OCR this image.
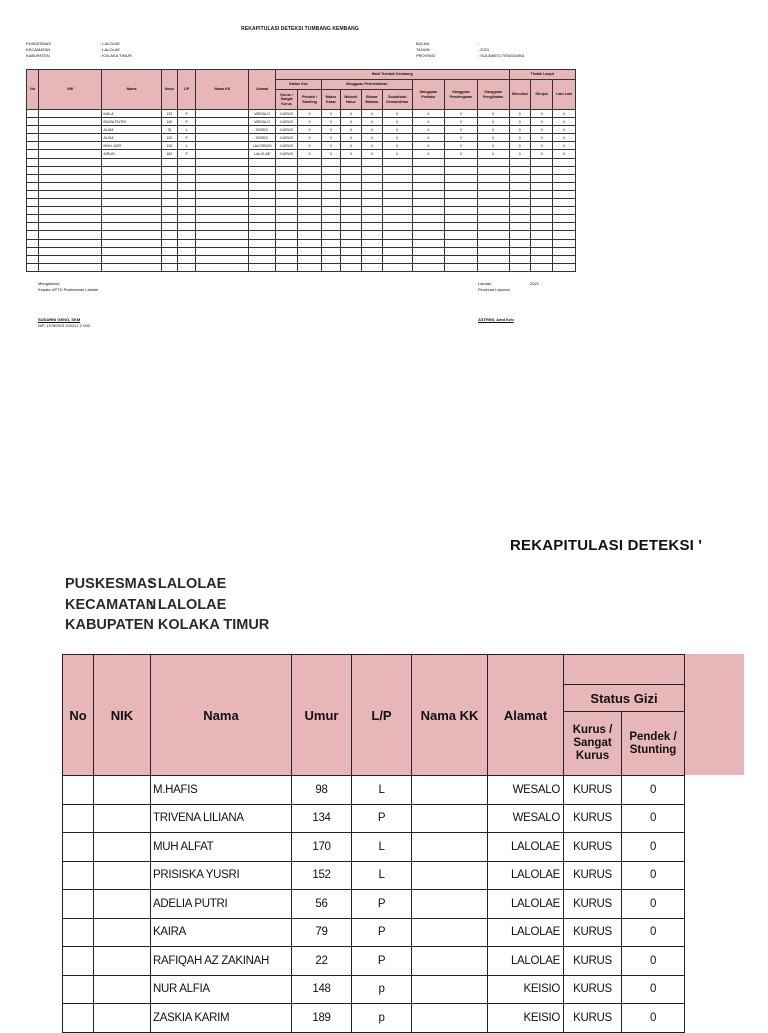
REKAPITULASI DETEKSI TUMBANG KEMBANG
PUSKESMAS	: LALOLAE
KECAMATAN	: LALOLAE
KABUPATEN	: KOLAKA TIMUR
BULAN	:
TAHUN	: 2021
PROVINSI	: SULAWESI TENGGARA
No	NIK	Nama	Umur	L/P	Nama KK	Alamat	Hasil Tumbuh Kembang									Tindak Lanjut		
							Status Gizi		Gangguan Pertumbuhan				Gangguan Perilaku	Gangguan Pendengaran	Gangguan Penglihatan	Stimulasi	Dirujuk	Lain-Lain
							Kurus / Sangat Kurus	Pendek / Stunting	Makro Kasar	Motorik Halus	Bicara Bahasa	Sosialisasi Kemandirian						
		KAILA	132	P		WESALO	KURUS	0	0	0	0	0	0	0	0	0	0	0
		RAISA PUTRI	140	P		WESALO	KURUS	0	0	0	0	0	0	0	0	0	0	0
		ALAM	76	L		KEISIO	KURUS	0	0	0	0	0	0	0	0	0	0	0
		ALISA	120	P		KEISIO	KURUS	0	0	0	0	0	0	0	0	0	0	0
		MUH. AZIS	116	L		LALOSINGI	KURUS	0	0	0	0	0	0	0	0	0	0	0
		AIRUN	182	P		LALOLAE	KURUS	0	0	0	0	0	0	0	0	0	0	0

Mengetahui,
Kepala UPTD Puskesmas Lalolae
SUDARNI GENO, SKM
NIP. 19780923 200212 2 006
Lalolae,	2021
Pembuat Laporan
ASTRINI, Amd Keb
REKAPITULASI DETEKSI '
PUSKESMAS: LALOLAE
KECAMATAN: LALOLAE
KABUPATEN: KOLAKA TIMUR
No	NIK	Nama	Umur	L/P	Nama KK	Alamat		
							Status Gizi	
							Kurus / Sangat Kurus	Pendek / Stunting
		M.HAFIS	98	L		WESALO	KURUS	0
		TRIVENA LILIANA	134	P		WESALO	KURUS	0
		MUH ALFAT	170	L		LALOLAE	KURUS	0
		PRISISKA YUSRI	152	L		LALOLAE	KURUS	0
		ADELIA PUTRI	56	P		LALOLAE	KURUS	0
		KAIRA	79	P		LALOLAE	KURUS	0
		RAFIQAH AZ ZAKINAH	22	P		LALOLAE	KURUS	0
		NUR ALFIA	148	p		KEISIO	KURUS	0
		ZASKIA KARIM	189	p		KEISIO	KURUS	0
